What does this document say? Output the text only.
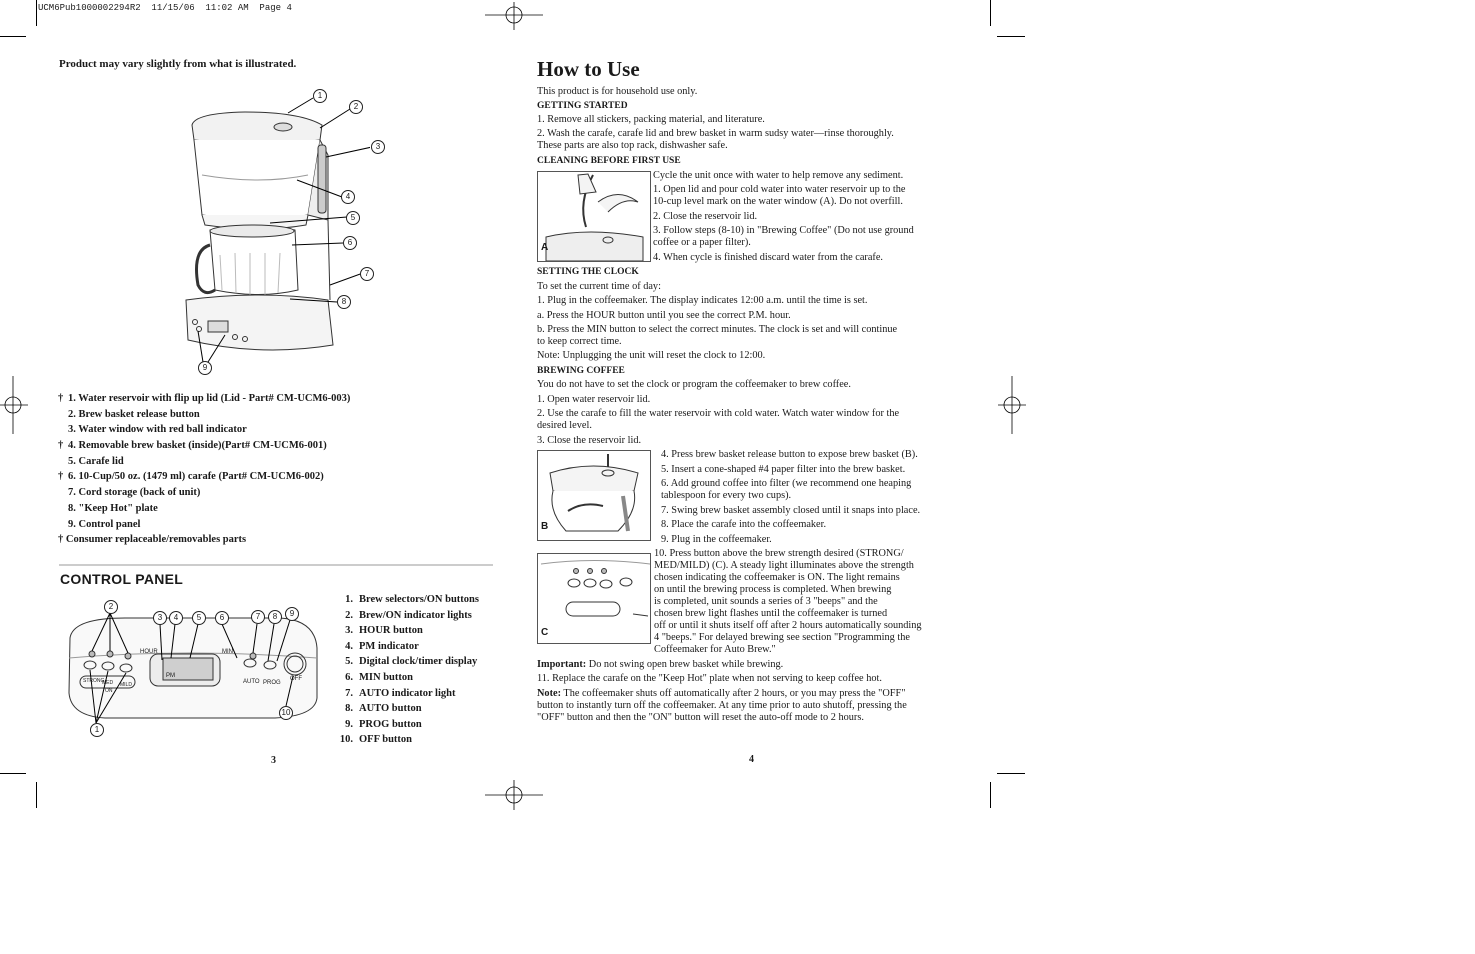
UCM6Pub1000002294R2  11/15/06  11:02 AM  Page 4
Product may vary slightly from what is illustrated.
1
2
3
4
5
6
7
8
9
† 1. Water reservoir with flip up lid (Lid - Part# CM-UCM6-003)
2. Brew basket release button
3. Water window with red ball indicator
† 4. Removable brew basket (inside)(Part# CM-UCM6-001)
5. Carafe lid
† 6. 10-Cup/50 oz. (1479 ml) carafe (Part# CM-UCM6-002)
7. Cord storage (back of unit)
8. "Keep Hot" plate
9. Control panel
† Consumer replaceable/removables parts
CONTROL PANEL
HOUR	MIN
PM
AUTO PROG
OFF
STRONG
MED MILD
ON
2
3	4	5	6	7	8	9
10
1
1. Brew selectors/ON buttons
2. Brew/ON indicator lights
3. HOUR button
4. PM indicator
5. Digital clock/timer display
6. MIN button
7. AUTO indicator light
8. AUTO button
9. PROG button
10. OFF button
3
How to Use
This product is for household use only.
GETTING STARTED
1. Remove all stickers, packing material, and literature.
2. Wash the carafe, carafe lid and brew basket in warm sudsy water—rinse thoroughly.
These parts are also top rack, dishwasher safe.
CLEANING BEFORE FIRST USE
A
Cycle the unit once with water to help remove any sediment.
1. Open lid and pour cold water into water reservoir up to the
10-cup level mark on the water window (A). Do not overfill.
2. Close the reservoir lid.
3. Follow steps (8-10) in "Brewing Coffee" (Do not use ground
coffee or a paper filter).
4. When cycle is finished discard water from the carafe.
SETTING THE CLOCK
To set the current time of day:
1. Plug in the coffeemaker. The display indicates 12:00 a.m. until the time is set.
a. Press the HOUR button until you see the correct P.M. hour.
b. Press the MIN button to select the correct minutes. The clock is set and will continue
to keep correct time.
Note: Unplugging the unit will reset the clock to 12:00.
BREWING COFFEE
You do not have to set the clock or program the coffeemaker to brew coffee.
1. Open water reservoir lid.
2. Use the carafe to fill the water reservoir with cold water. Watch water window for the
desired level.
3. Close the reservoir lid.
B
4. Press brew basket release button to expose brew basket (B).
5. Insert a cone-shaped #4 paper filter into the brew basket.
6. Add ground coffee into filter (we recommend one heaping
tablespoon for every two cups).
7. Swing brew basket assembly closed until it snaps into place.
8. Place the carafe into the coffeemaker.
9. Plug in the coffeemaker.
C
10. Press button above the brew strength desired (STRONG/
MED/MILD) (C). A steady light illuminates above the strength
chosen indicating the coffeemaker is ON. The light remains
on until the brewing process is completed. When brewing
is completed, unit sounds a series of 3 "beeps" and the
chosen brew light flashes until the coffeemaker is turned
off or until it shuts itself off after 2 hours automatically sounding
4 "beeps." For delayed brewing see section "Programming the
Coffeemaker for Auto Brew."
Important: Do not swing open brew basket while brewing.
11. Replace the carafe on the "Keep Hot" plate when not serving to keep coffee hot.
Note: The coffeemaker shuts off automatically after 2 hours, or you may press the "OFF"
button to instantly turn off the coffeemaker. At any time prior to auto shutoff, pressing the
"OFF" button and then the "ON" button will reset the auto-off mode to 2 hours.
4
